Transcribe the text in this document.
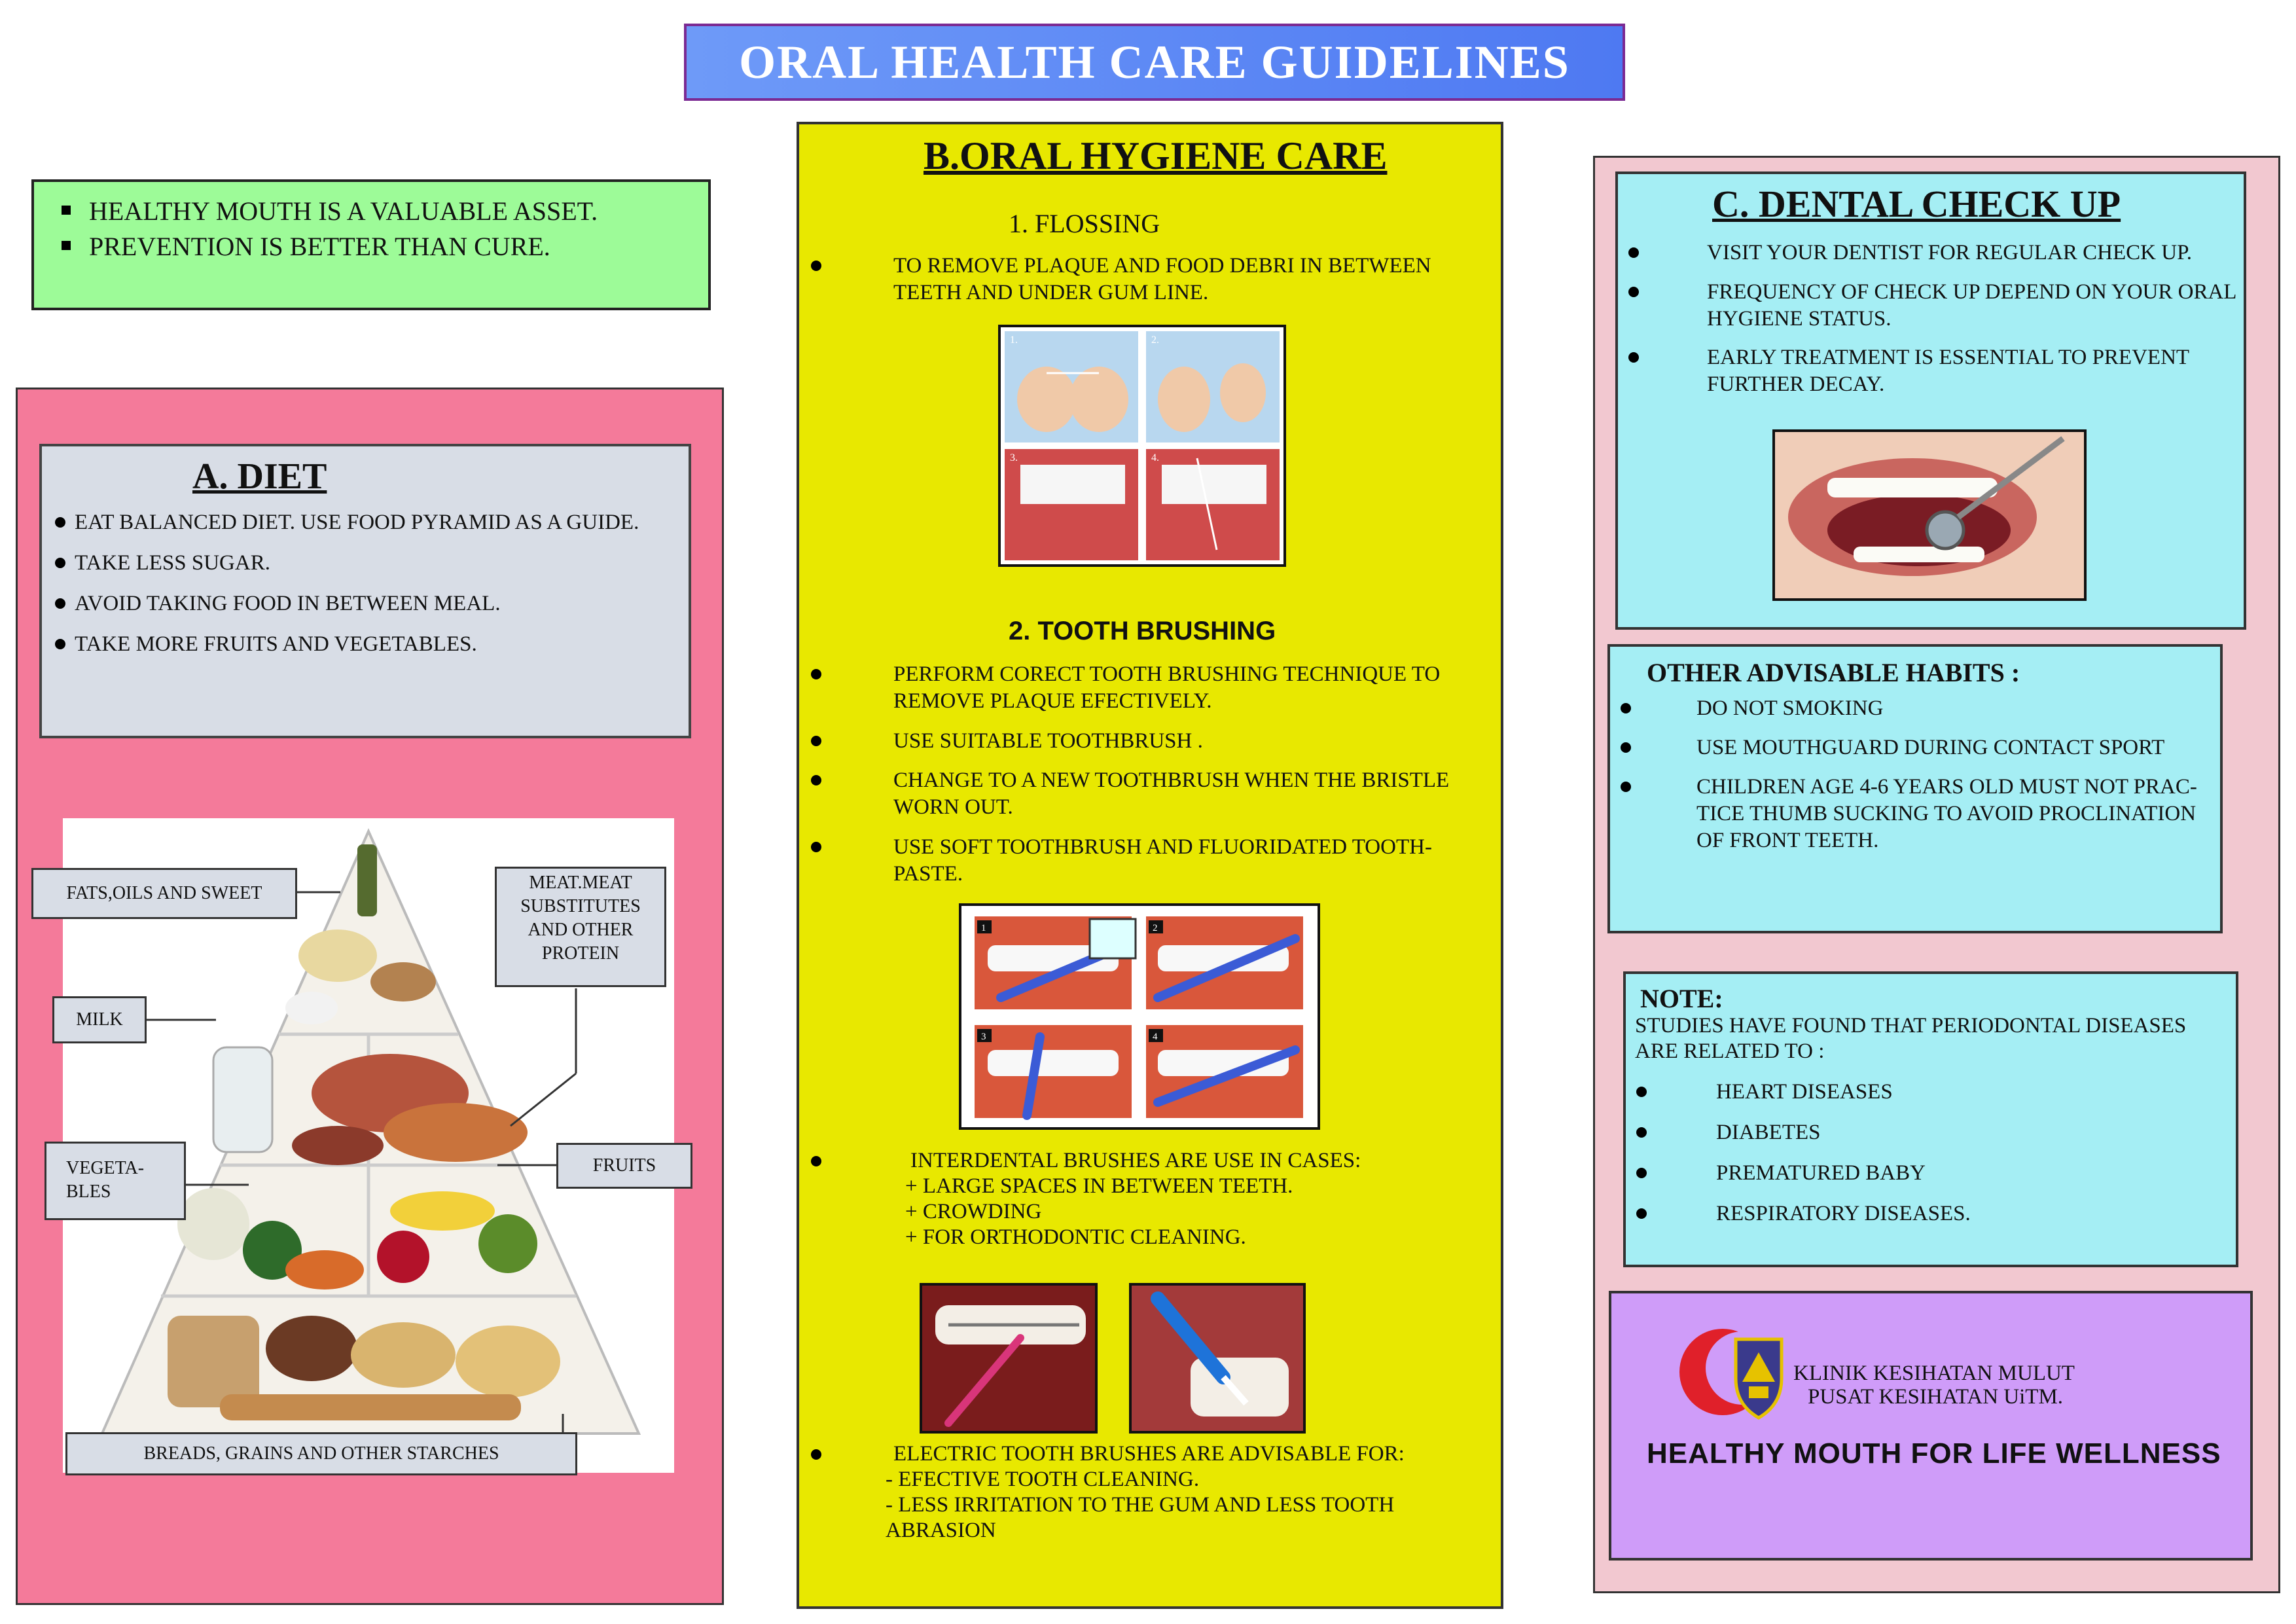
ORAL HEALTH CARE GUIDELINES
HEALTHY MOUTH IS A VALUABLE ASSET.
PREVENTION IS BETTER THAN CURE.
A. DIET
EAT BALANCED DIET. USE FOOD PYRAMID AS A GUIDE.
TAKE LESS SUGAR.
AVOID TAKING FOOD IN BETWEEN MEAL.
TAKE MORE FRUITS AND VEGETABLES.
FATS,OILS AND SWEET
MEAT.MEAT SUBSTITUTES AND OTHER PROTEIN
MILK
VEGETA- BLES
FRUITS
BREADS, GRAINS AND OTHER STARCHES
B.ORAL HYGIENE CARE
1. FLOSSING
TO REMOVE PLAQUE AND FOOD DEBRI IN BETWEEN TEETH AND UNDER GUM LINE.
1.	2.
3.	4.
2. TOOTH BRUSHING
PERFORM CORECT TOOTH BRUSHING TECHNIQUE TO REMOVE PLAQUE EFECTIVELY.
USE SUITABLE TOOTHBRUSH .
CHANGE TO A NEW TOOTHBRUSH WHEN THE BRISTLE WORN OUT.
USE SOFT TOOTHBRUSH AND FLUORIDATED TOOTH-PASTE.
1	2
3	4
INTERDENTAL BRUSHES ARE USE IN CASES:
+ LARGE SPACES IN BETWEEN TEETH.
+ CROWDING
+ FOR ORTHODONTIC CLEANING.
ELECTRIC TOOTH BRUSHES ARE ADVISABLE FOR:
- EFECTIVE TOOTH CLEANING.
- LESS IRRITATION TO THE GUM AND LESS TOOTH ABRASION
C. DENTAL CHECK UP
VISIT YOUR DENTIST FOR REGULAR CHECK UP.
FREQUENCY OF CHECK UP DEPEND ON YOUR ORAL HYGIENE STATUS.
EARLY TREATMENT IS ESSENTIAL TO PREVENT FURTHER DECAY.
OTHER ADVISABLE HABITS :
DO NOT SMOKING
USE MOUTHGUARD DURING CONTACT SPORT
CHILDREN AGE 4-6 YEARS OLD MUST NOT PRAC-TICE THUMB SUCKING TO AVOID PROCLINATION OF FRONT TEETH.
NOTE:
STUDIES HAVE FOUND THAT PERIODONTAL DISEASES ARE RELATED TO :
HEART DISEASES
DIABETES
PREMATURED BABY
RESPIRATORY DISEASES.
KLINIK KESIHATAN MULUT
PUSAT KESIHATAN UiTM.
HEALTHY MOUTH FOR LIFE WELLNESS
